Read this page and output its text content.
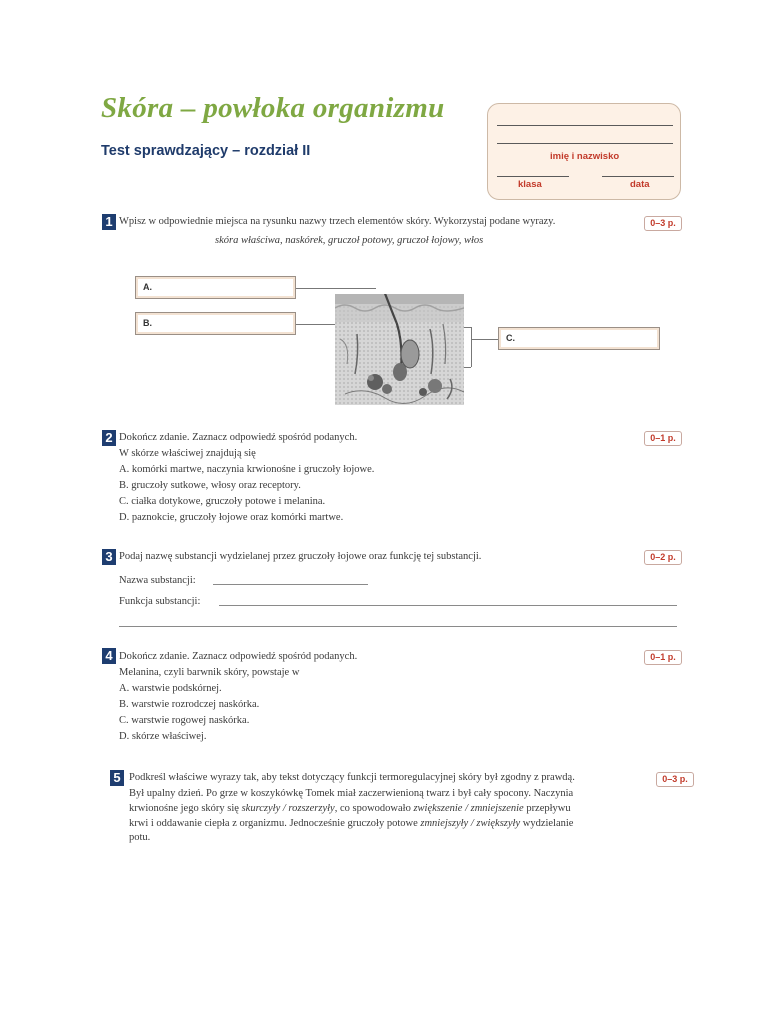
Skóra – powłoka organizmu
Test sprawdzający – rozdział II	imię i nazwisko
klasa	data
1 Wpisz w odpowiednie miejsca na rysunku nazwy trzech elementów skóry. Wykorzystaj podane wyrazy.	0–3 p.
skóra właściwa, naskórek, gruczoł potowy, gruczoł łojowy, włos
A.
B.
C.
2 Dokończ zdanie. Zaznacz odpowiedź spośród podanych.	0–1 p.
W skórze właściwej znajdują się
A. komórki martwe, naczynia krwionośne i gruczoły łojowe.
B. gruczoły sutkowe, włosy oraz receptory.
C. ciałka dotykowe, gruczoły potowe i melanina.
D. paznokcie, gruczoły łojowe oraz komórki martwe.
3 Podaj nazwę substancji wydzielanej przez gruczoły łojowe oraz funkcję tej substancji.	0–2 p.
Nazwa substancji:
Funkcja substancji:
4 Dokończ zdanie. Zaznacz odpowiedź spośród podanych.	0–1 p.
Melanina, czyli barwnik skóry, powstaje w
A. warstwie podskórnej.
B. warstwie rozrodczej naskórka.
C. warstwie rogowej naskórka.
D. skórze właściwej.
5 Podkreśl właściwe wyrazy tak, aby tekst dotyczący funkcji termoregulacyjnej skóry był zgodny z prawdą.	0–3 p.
Był upalny dzień. Po grze w koszykówkę Tomek miał zaczerwienioną twarz i był cały spocony. Naczynia
krwionośne jego skóry się skurczyły / rozszerzyły, co spowodowało zwiększenie / zmniejszenie przepływu
krwi i oddawanie ciepła z organizmu. Jednocześnie gruczoły potowe zmniejszyły / zwiększyły wydzielanie
potu.
